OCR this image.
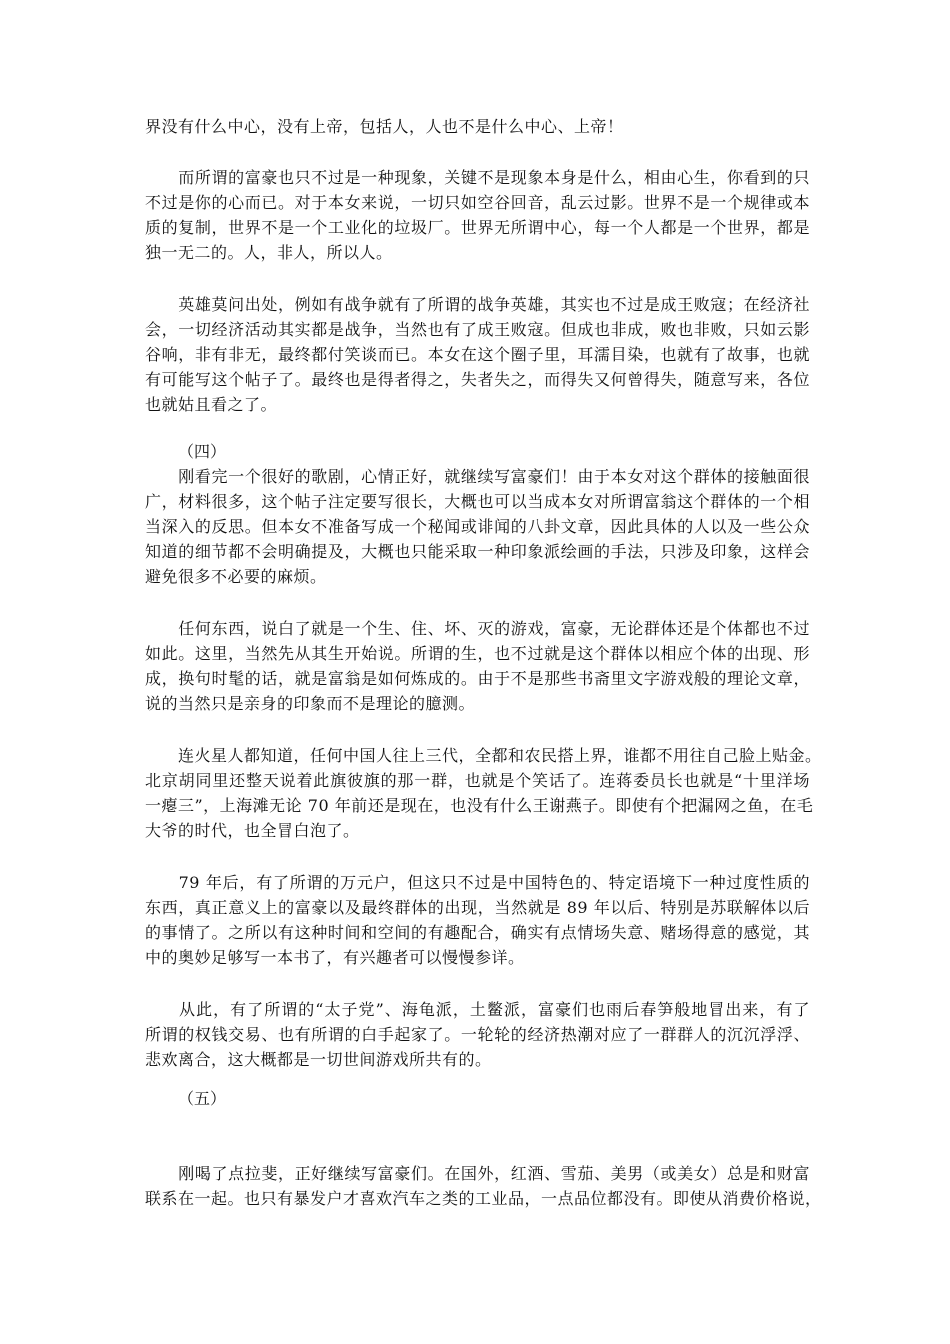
界没有什么中心，没有上帝，包括人，人也不是什么中心、上帝！
　　而所谓的富豪也只不过是一种现象，关键不是现象本身是什么，相由心生，你看到的只
不过是你的心而已。对于本女来说，一切只如空谷回音，乱云过影。世界不是一个规律或本
质的复制，世界不是一个工业化的垃圾厂。世界无所谓中心，每一个人都是一个世界，都是
独一无二的。人，非人，所以人。
　　英雄莫问出处，例如有战争就有了所谓的战争英雄，其实也不过是成王败寇；在经济社
会，一切经济活动其实都是战争，当然也有了成王败寇。但成也非成，败也非败，只如云影
谷响，非有非无，最终都付笑谈而已。本女在这个圈子里，耳濡目染，也就有了故事，也就
有可能写这个帖子了。最终也是得者得之，失者失之，而得失又何曾得失，随意写来，各位
也就姑且看之了。
（四）
　　刚看完一个很好的歌剧，心情正好，就继续写富豪们！由于本女对这个群体的接触面很
广，材料很多，这个帖子注定要写很长，大概也可以当成本女对所谓富翁这个群体的一个相
当深入的反思。但本女不准备写成一个秘闻或诽闻的八卦文章，因此具体的人以及一些公众
知道的细节都不会明确提及，大概也只能采取一种印象派绘画的手法，只涉及印象，这样会
避免很多不必要的麻烦。
　　任何东西，说白了就是一个生、住、坏、灭的游戏，富豪，无论群体还是个体都也不过
如此。这里，当然先从其生开始说。所谓的生，也不过就是这个群体以相应个体的出现、形
成，换句时髦的话，就是富翁是如何炼成的。由于不是那些书斋里文字游戏般的理论文章，
说的当然只是亲身的印象而不是理论的臆测。
　　连火星人都知道，任何中国人往上三代，全都和农民搭上界，谁都不用往自己脸上贴金。
北京胡同里还整天说着此旗彼旗的那一群，也就是个笑话了。连蒋委员长也就是“十里洋场
一瘪三”，上海滩无论 70 年前还是现在，也没有什么王谢燕子。即使有个把漏网之鱼，在毛
大爷的时代，也全冒白泡了。
　　79 年后，有了所谓的万元户，但这只不过是中国特色的、特定语境下一种过度性质的
东西，真正意义上的富豪以及最终群体的出现，当然就是 89 年以后、特别是苏联解体以后
的事情了。之所以有这种时间和空间的有趣配合，确实有点情场失意、赌场得意的感觉，其
中的奥妙足够写一本书了，有兴趣者可以慢慢参详。
　　从此，有了所谓的“太子党”、海龟派，土鳖派，富豪们也雨后春笋般地冒出来，有了
所谓的权钱交易、也有所谓的白手起家了。一轮轮的经济热潮对应了一群群人的沉沉浮浮、
悲欢离合，这大概都是一切世间游戏所共有的。
（五）
　　刚喝了点拉斐，正好继续写富豪们。在国外，红酒、雪茄、美男（或美女）总是和财富
联系在一起。也只有暴发户才喜欢汽车之类的工业品，一点品位都没有。即使从消费价格说，
